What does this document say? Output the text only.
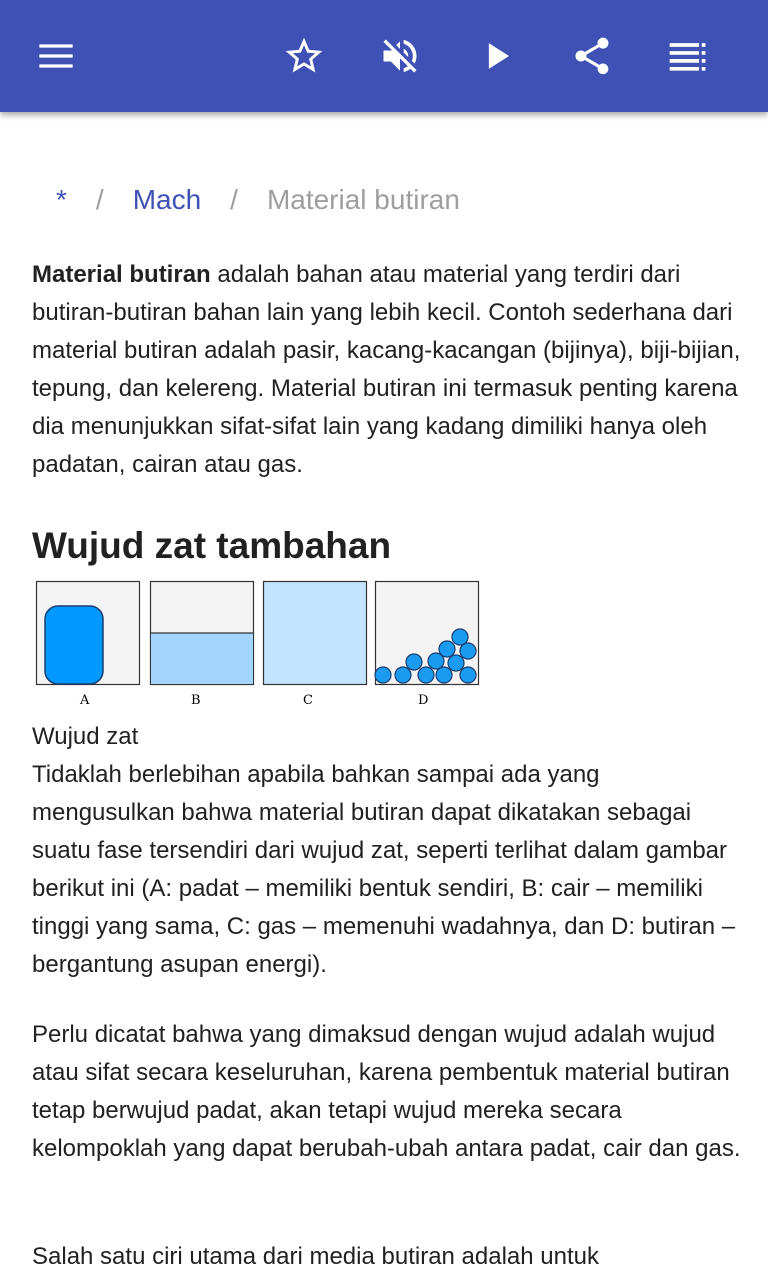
* / Mach / Material butiran

Material butiran adalah bahan atau material yang terdiri dari butiran-butiran bahan lain yang lebih kecil. Contoh sederhana dari material butiran adalah pasir, kacang-kacangan (bijinya), biji-bijian, tepung, dan kelereng. Material butiran ini termasuk penting karena dia menunjukkan sifat-sifat lain yang kadang dimiliki hanya oleh padatan, cairan atau gas.

Wujud zat tambahan
A	B	C	D
Wujud zat

Tidaklah berlebihan apabila bahkan sampai ada yang mengusulkan bahwa material butiran dapat dikatakan sebagai suatu fase tersendiri dari wujud zat, seperti terlihat dalam gambar berikut ini (A: padat – memiliki bentuk sendiri, B: cair – memiliki tinggi yang sama, C: gas – memenuhi wadahnya, dan D: butiran – bergantung asupan energi).

Perlu dicatat bahwa yang dimaksud dengan wujud adalah wujud atau sifat secara keseluruhan, karena pembentuk material butiran tetap berwujud padat, akan tetapi wujud mereka secara kelompoklah yang dapat berubah-ubah antara padat, cair dan gas.

Salah satu ciri utama dari media butiran adalah untuk
